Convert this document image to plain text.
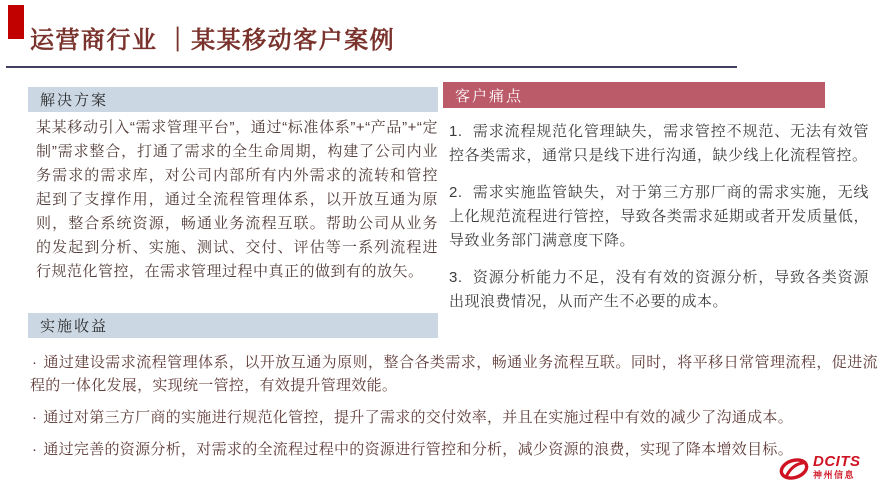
运营商行业 ｜某某移动客户案例
解决方案
某某移动引入“需求管理平台”，通过“标准体系”+“产品”+“定制”需求整合，打通了需求的全生命周期，构建了公司内业务需求的需求库，对公司内部所有内外需求的流转和管控起到了支撑作用，通过全流程管理体系，以开放互通为原则，整合系统资源，畅通业务流程互联。帮助公司从业务的发起到分析、实施、测试、交付、评估等一系列流程进行规范化管控，在需求管理过程中真正的做到有的放矢。
客户痛点

1. 需求流程规范化管理缺失，需求管控不规范、无法有效管控各类需求，通常只是线下进行沟通，缺少线上化流程管控。

2. 需求实施监管缺失，对于第三方那厂商的需求实施，无线上化规范流程进行管控，导致各类需求延期或者开发质量低，导致业务部门满意度下降。

3. 资源分析能力不足，没有有效的资源分析，导致各类资源出现浪费情况，从而产生不必要的成本。

实施收益

· 通过建设需求流程管理体系，以开放互通为原则，整合各类需求，畅通业务流程互联。同时，将平移日常管理流程，促进流程的一体化发展，实现统一管控，有效提升管理效能。

· 通过对第三方厂商的实施进行规范化管控，提升了需求的交付效率，并且在实施过程中有效的减少了沟通成本。

· 通过完善的资源分析，对需求的全流程过程中的资源进行管控和分析，减少资源的浪费，实现了降本增效目标。

DCITS
神州信息
